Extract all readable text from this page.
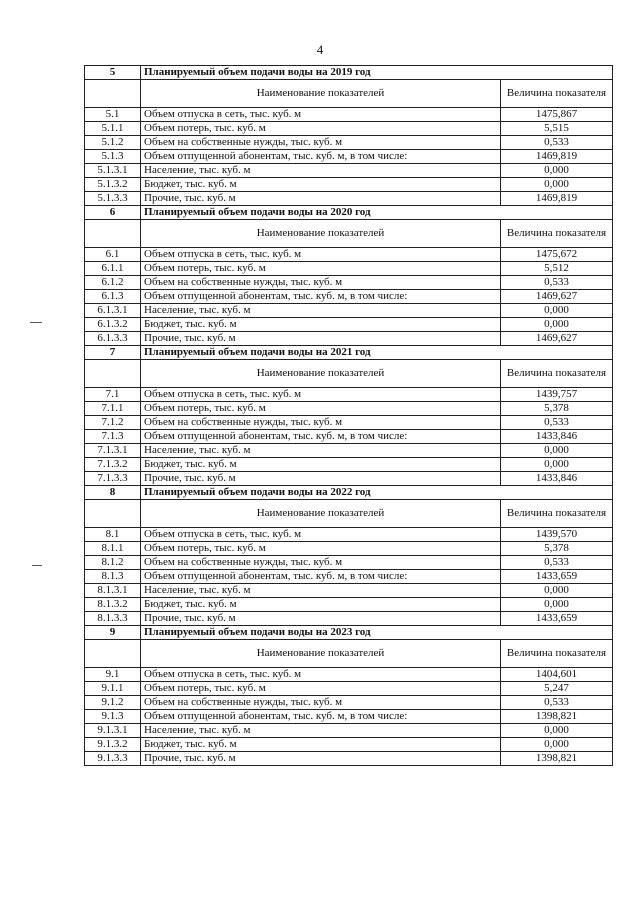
4
5	Планируемый объем подачи воды на 2019 год	
	Наименование показателей	Величина показателя
5.1	Объем отпуска в сеть, тыс. куб. м	1475,867
5.1.1	Объем потерь, тыс. куб. м	5,515
5.1.2	Объем на собственные нужды, тыс. куб. м	0,533
5.1.3	Объем отпущенной абонентам, тыс. куб. м, в том числе:	1469,819
5.1.3.1	Население, тыс. куб. м	0,000
5.1.3.2	Бюджет, тыс. куб. м	0,000
5.1.3.3	Прочие, тыс. куб. м	1469,819
6	Планируемый объем подачи воды на 2020 год	
	Наименование показателей	Величина показателя
6.1	Объем отпуска в сеть, тыс. куб. м	1475,672
6.1.1	Объем потерь, тыс. куб. м	5,512
6.1.2	Объем на собственные нужды, тыс. куб. м	0,533
6.1.3	Объем отпущенной абонентам, тыс. куб. м, в том числе:	1469,627
6.1.3.1	Население, тыс. куб. м	0,000
6.1.3.2	Бюджет, тыс. куб. м	0,000
6.1.3.3	Прочие, тыс. куб. м	1469,627
7	Планируемый объем подачи воды на 2021 год	
	Наименование показателей	Величина показателя
7.1	Объем отпуска в сеть, тыс. куб. м	1439,757
7.1.1	Объем потерь, тыс. куб. м	5,378
7.1.2	Объем на собственные нужды, тыс. куб. м	0,533
7.1.3	Объем отпущенной абонентам, тыс. куб. м, в том числе:	1433,846
7.1.3.1	Население, тыс. куб. м	0,000
7.1.3.2	Бюджет, тыс. куб. м	0,000
7.1.3.3	Прочие, тыс. куб. м	1433,846
8	Планируемый объем подачи воды на 2022 год	
	Наименование показателей	Величина показателя
8.1	Объем отпуска в сеть, тыс. куб. м	1439,570
8.1.1	Объем потерь, тыс. куб. м	5,378
8.1.2	Объем на собственные нужды, тыс. куб. м	0,533
8.1.3	Объем отпущенной абонентам, тыс. куб. м, в том числе:	1433,659
8.1.3.1	Население, тыс. куб. м	0,000
8.1.3.2	Бюджет, тыс. куб. м	0,000
8.1.3.3	Прочие, тыс. куб. м	1433,659
9	Планируемый объем подачи воды на 2023 год	
	Наименование показателей	Величина показателя
9.1	Объем отпуска в сеть, тыс. куб. м	1404,601
9.1.1	Объем потерь, тыс. куб. м	5,247
9.1.2	Объем на собственные нужды, тыс. куб. м	0,533
9.1.3	Объем отпущенной абонентам, тыс. куб. м, в том числе:	1398,821
9.1.3.1	Население, тыс. куб. м	0,000
9.1.3.2	Бюджет, тыс. куб. м	0,000
9.1.3.3	Прочие, тыс. куб. м	1398,821
